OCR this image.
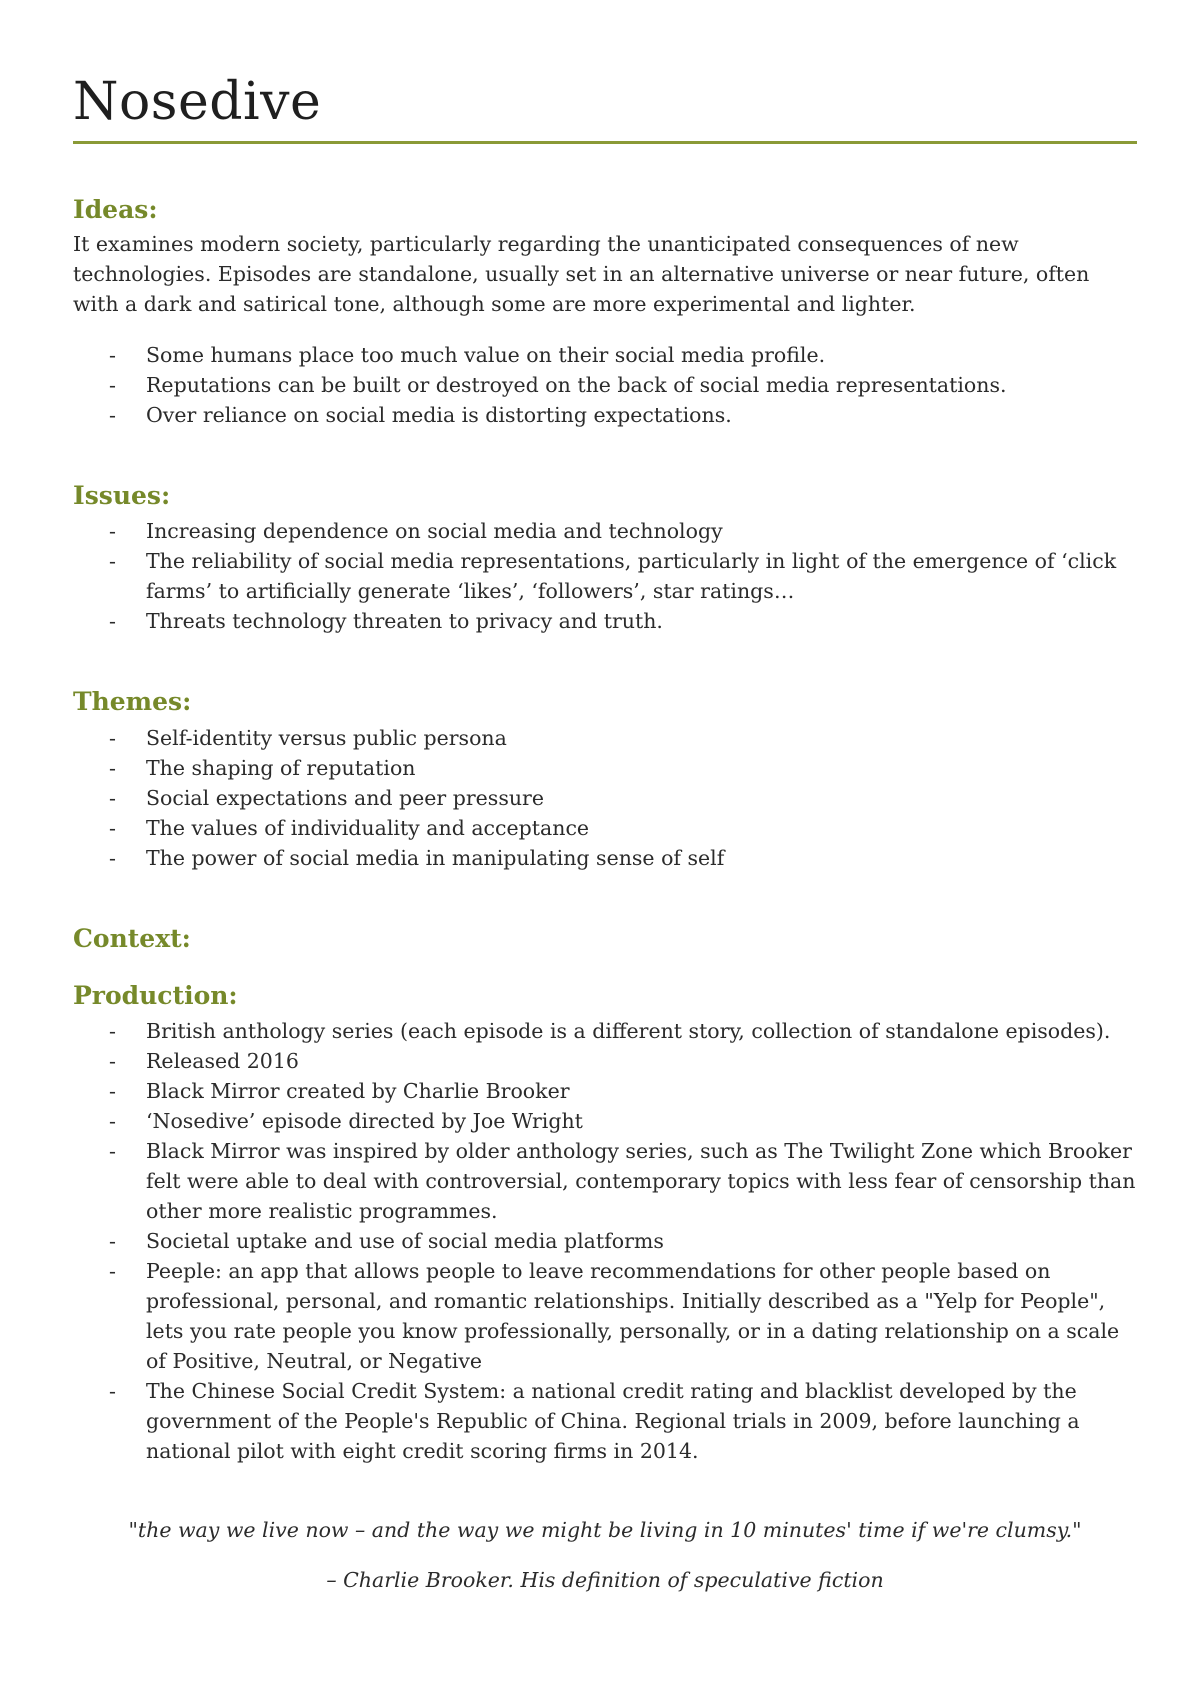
Nosedive
Ideas:

It examines modern society, particularly regarding the unanticipated consequences of new technologies. Episodes are standalone, usually set in an alternative universe or near future, often with a dark and satirical tone, although some are more experimental and lighter.

- Some humans place too much value on their social media profile.
- Reputations can be built or destroyed on the back of social media representations.
- Over reliance on social media is distorting expectations.
Issues:
- Increasing dependence on social media and technology
- The reliability of social media representations, particularly in light of the emergence of ‘click farms’ to artificially generate ‘likes’, ‘followers’, star ratings…
- Threats technology threaten to privacy and truth.
Themes:
- Self-identity versus public persona
- The shaping of reputation
- Social expectations and peer pressure
- The values of individuality and acceptance
- The power of social media in manipulating sense of self
Context:
Production:
- British anthology series (each episode is a different story, collection of standalone episodes).
- Released 2016
- Black Mirror created by Charlie Brooker
- ‘Nosedive’ episode directed by Joe Wright
- Black Mirror was inspired by older anthology series, such as The Twilight Zone which Brooker felt were able to deal with controversial, contemporary topics with less fear of censorship than other more realistic programmes.
- Societal uptake and use of social media platforms
- Peeple: an app that allows people to leave recommendations for other people based on professional, personal, and romantic relationships. Initially described as a "Yelp for People", lets you rate people you know professionally, personally, or in a dating relationship on a scale of Positive, Neutral, or Negative
- The Chinese Social Credit System: a national credit rating and blacklist developed by the government of the People's Republic of China. Regional trials in 2009, before launching a national pilot with eight credit scoring firms in 2014.

"the way we live now – and the way we might be living in 10 minutes' time if we're clumsy."

– Charlie Brooker. His definition of speculative fiction
